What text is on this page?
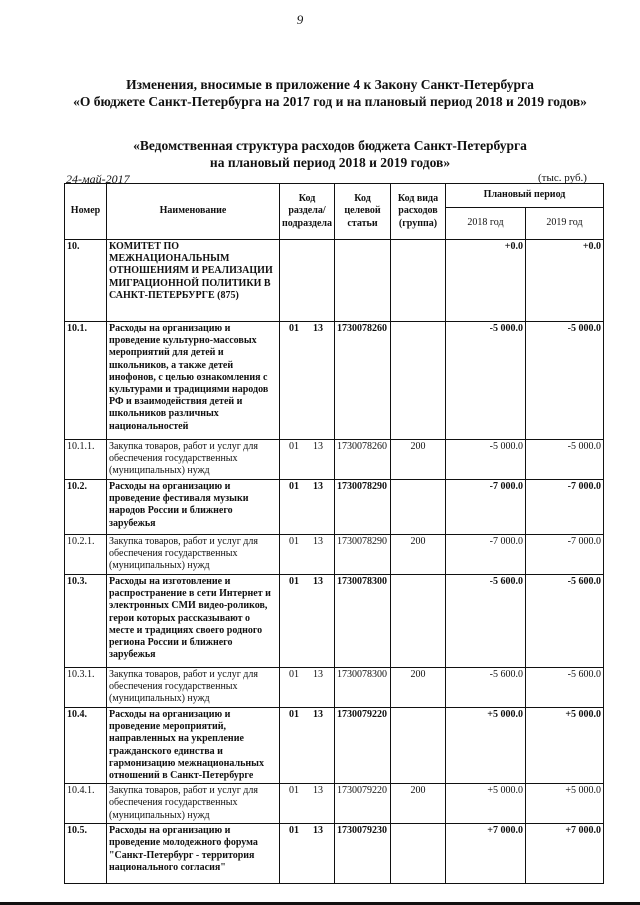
9
Изменения, вносимые в приложение 4 к Закону Санкт-Петербурга
«О бюджете Санкт-Петербурга на 2017 год и на плановый период 2018 и 2019 годов»
«Ведомственная структура расходов бюджета Санкт-Петербурга
на плановый период 2018 и 2019 годов»
24-май-2017	(тыс. руб.)
Номер	Наименование	Код раздела/ подраздела	Код целевой статьи	Код вида расходов (группа)	Плановый период	
					2018 год	2019 год
10.	КОМИТЕТ ПО МЕЖНАЦИОНАЛЬНЫМ ОТНОШЕНИЯМ И РЕАЛИЗАЦИИ МИГРАЦИОННОЙ ПОЛИТИКИ В САНКТ-ПЕТЕРБУРГЕ (875)				+0.0	+0.0
10.1.	Расходы на организацию и проведение культурно-массовых мероприятий для детей и школьников, а также детей инофонов, с целью ознакомления с культурами и традициями народов РФ и взаимодействия детей и школьников различных национальностей	01 13	1730078260		-5 000.0	-5 000.0
10.1.1.	Закупка товаров, работ и услуг для обеспечения государственных (муниципальных) нужд	01 13	1730078260	200	-5 000.0	-5 000.0
10.2.	Расходы на организацию и проведение фестиваля музыки народов России и ближнего зарубежья	01 13	1730078290		-7 000.0	-7 000.0
10.2.1.	Закупка товаров, работ и услуг для обеспечения государственных (муниципальных) нужд	01 13	1730078290	200	-7 000.0	-7 000.0
10.3.	Расходы на изготовление и распространение в сети Интернет и электронных СМИ видео-роликов, герои которых рассказывают о месте и традициях своего родного региона России и ближнего зарубежья	01 13	1730078300		-5 600.0	-5 600.0
10.3.1.	Закупка товаров, работ и услуг для обеспечения государственных (муниципальных) нужд	01 13	1730078300	200	-5 600.0	-5 600.0
10.4.	Расходы на организацию и проведение мероприятий, направленных на укрепление гражданского единства и гармонизацию межнациональных отношений в Санкт-Петербурге	01 13	1730079220		+5 000.0	+5 000.0
10.4.1.	Закупка товаров, работ и услуг для обеспечения государственных (муниципальных) нужд	01 13	1730079220	200	+5 000.0	+5 000.0
10.5.	Расходы на организацию и проведение молодежного форума "Санкт-Петербург - территория национального согласия"	01 13	1730079230		+7 000.0	+7 000.0
